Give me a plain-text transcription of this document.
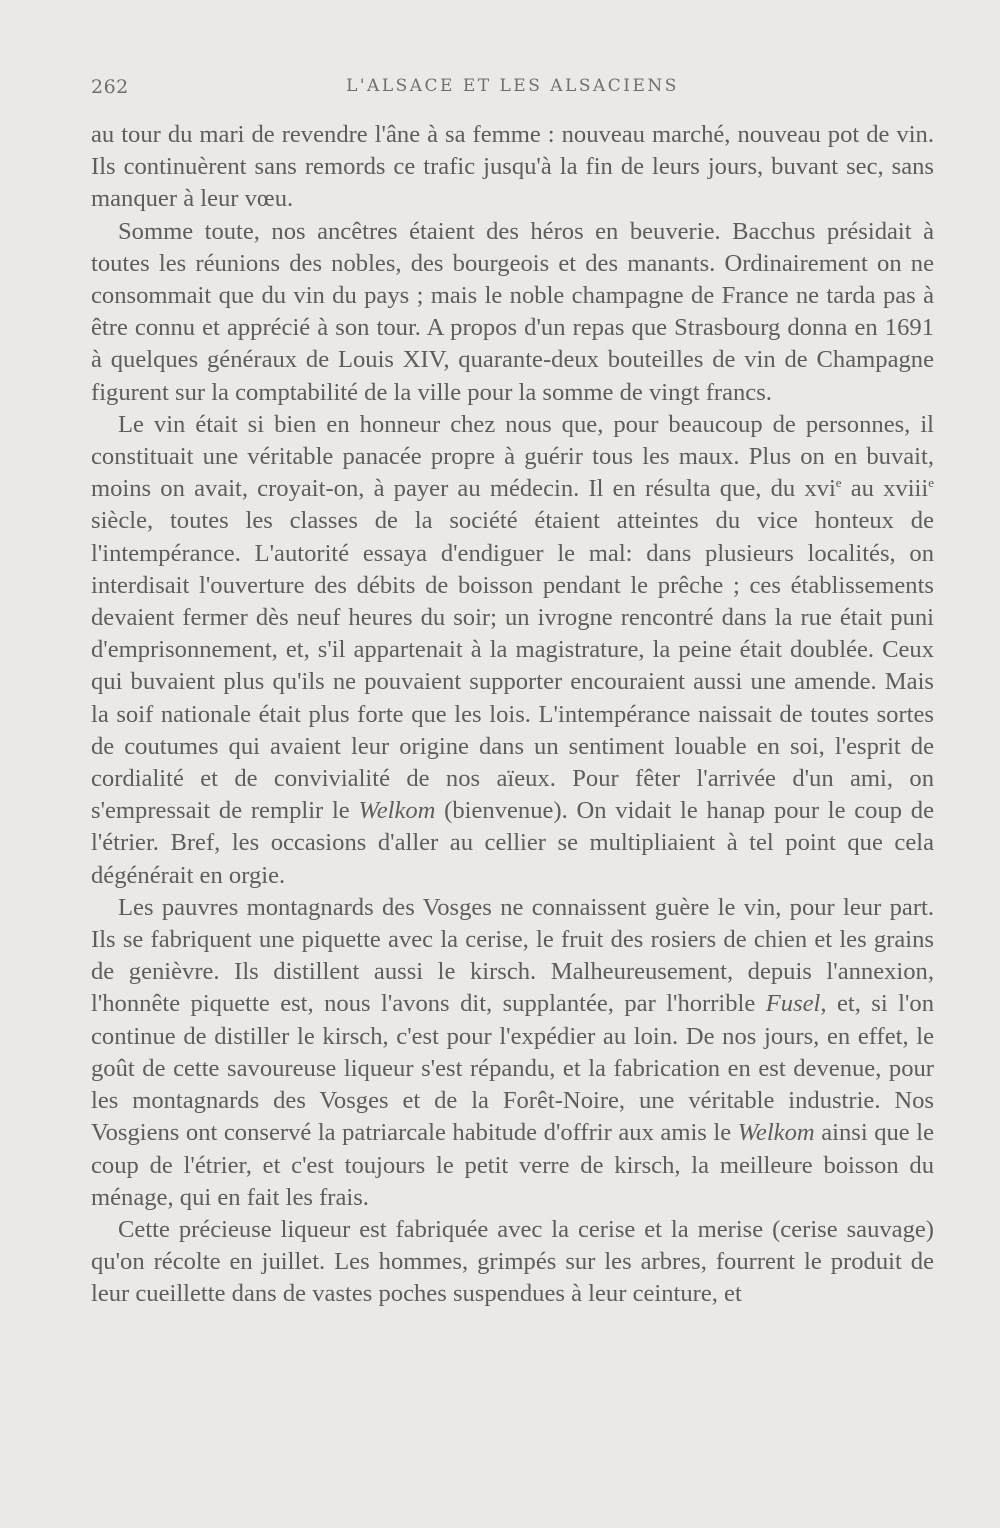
262	L'ALSACE ET LES ALSACIENS

au tour du mari de revendre l'âne à sa femme : nouveau marché, nouveau pot de vin. Ils continuèrent sans remords ce trafic jusqu'à la fin de leurs jours, buvant sec, sans manquer à leur vœu.

Somme toute, nos ancêtres étaient des héros en beuverie. Bacchus présidait à toutes les réunions des nobles, des bourgeois et des manants. Ordinairement on ne consommait que du vin du pays ; mais le noble champagne de France ne tarda pas à être connu et apprécié à son tour. A propos d'un repas que Strasbourg donna en 1691 à quelques généraux de Louis XIV, quarante-deux bouteilles de vin de Champagne figurent sur la comptabilité de la ville pour la somme de vingt francs.

Le vin était si bien en honneur chez nous que, pour beaucoup de personnes, il constituait une véritable panacée propre à guérir tous les maux. Plus on en buvait, moins on avait, croyait-on, à payer au médecin. Il en résulta que, du xvi$^e$ au xviii$^e$ siècle, toutes les classes de la société étaient atteintes du vice honteux de l'intempérance. L'autorité essaya d'endiguer le mal: dans plusieurs localités, on interdisait l'ouverture des débits de boisson pendant le prêche ; ces établissements devaient fermer dès neuf heures du soir; un ivrogne rencontré dans la rue était puni d'emprisonnement, et, s'il appartenait à la magistrature, la peine était doublée. Ceux qui buvaient plus qu'ils ne pouvaient supporter encouraient aussi une amende. Mais la soif nationale était plus forte que les lois. L'intempérance naissait de toutes sortes de coutumes qui avaient leur origine dans un sentiment louable en soi, l'esprit de cordialité et de convivialité de nos aïeux. Pour fêter l'arrivée d'un ami, on s'empressait de remplir le Welkom (bienvenue). On vidait le hanap pour le coup de l'étrier. Bref, les occasions d'aller au cellier se multipliaient à tel point que cela dégénérait en orgie.

Les pauvres montagnards des Vosges ne connaissent guère le vin, pour leur part. Ils se fabriquent une piquette avec la cerise, le fruit des rosiers de chien et les grains de genièvre. Ils distillent aussi le kirsch. Malheureusement, depuis l'annexion, l'honnête piquette est, nous l'avons dit, supplantée, par l'horrible Fusel, et, si l'on continue de distiller le kirsch, c'est pour l'expédier au loin. De nos jours, en effet, le goût de cette savoureuse liqueur s'est répandu, et la fabrication en est devenue, pour les montagnards des Vosges et de la Forêt-Noire, une véritable industrie. Nos Vosgiens ont conservé la patriarcale habitude d'offrir aux amis le Welkom ainsi que le coup de l'étrier, et c'est toujours le petit verre de kirsch, la meilleure boisson du ménage, qui en fait les frais.

Cette précieuse liqueur est fabriquée avec la cerise et la merise (cerise sauvage) qu'on récolte en juillet. Les hommes, grimpés sur les arbres, fourrent le produit de leur cueillette dans de vastes poches suspendues à leur ceinture, et
